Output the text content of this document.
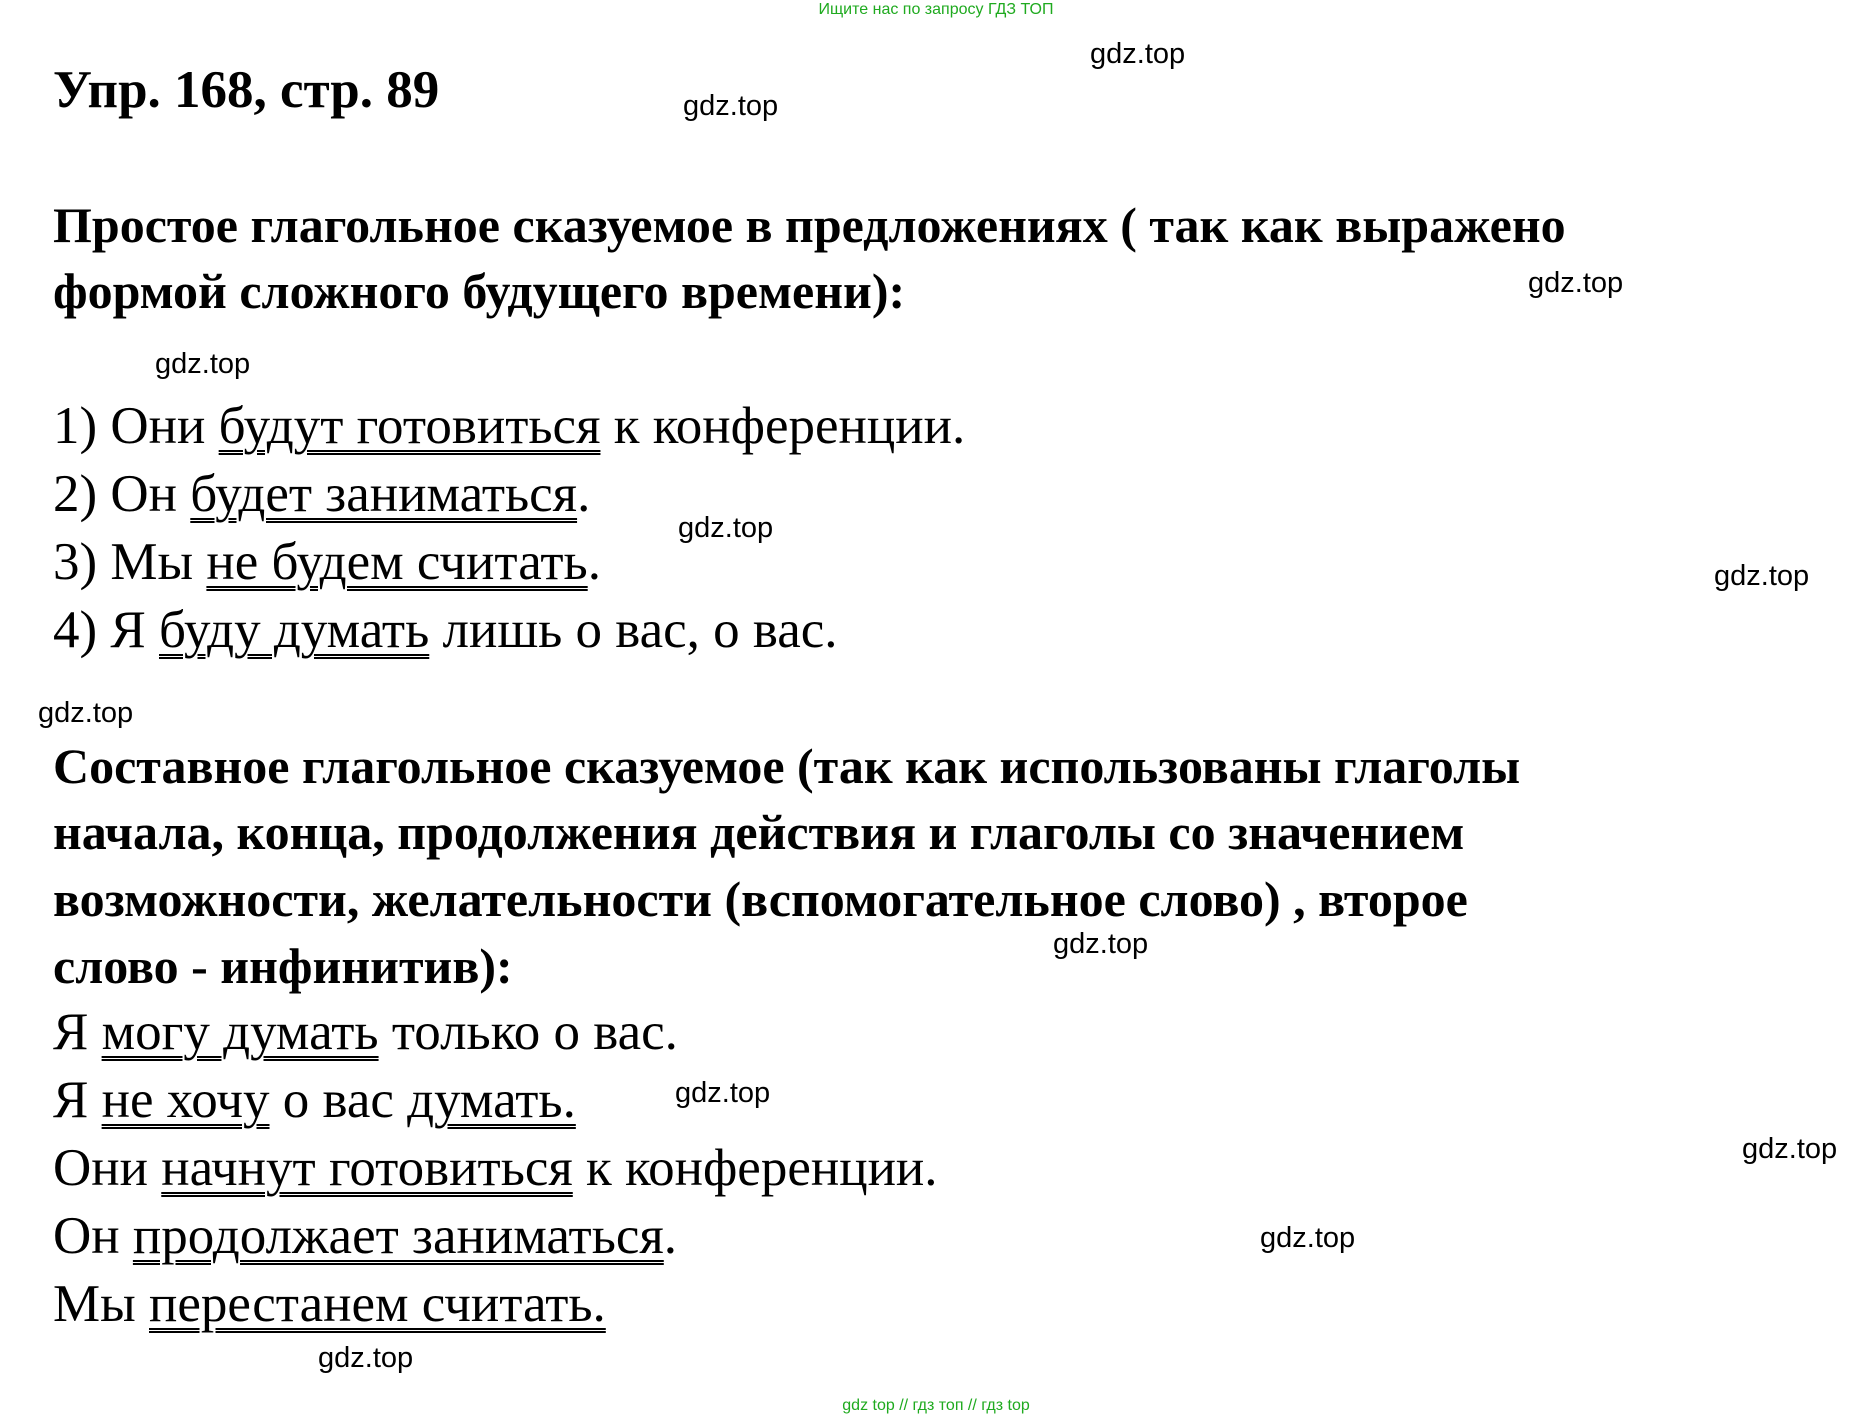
Ищите нас по запросу ГДЗ ТОП
gdz top // гдз топ // гдз top
gdz.top
gdz.top
gdz.top
gdz.top
gdz.top
gdz.top
gdz.top
gdz.top
gdz.top
gdz.top
gdz.top
gdz.top
Упр. 168, стр. 89
Простое глагольное сказуемое в предложениях ( так как выражено
формой сложного будущего времени):
1) Они будут готовиться к конференции.
2) Он будет заниматься.
3) Мы не будем считать.
4) Я буду думать лишь о вас, о вас.
Составное глагольное сказуемое (так как использованы глаголы
начала, конца, продолжения действия и глаголы со значением
возможности, желательности (вспомогательное слово) , второе
слово - инфинитив):
Я могу думать только о вас.
Я не хочу о вас думать.
Они начнут готовиться к конференции.
Он продолжает заниматься.
Мы перестанем считать.
